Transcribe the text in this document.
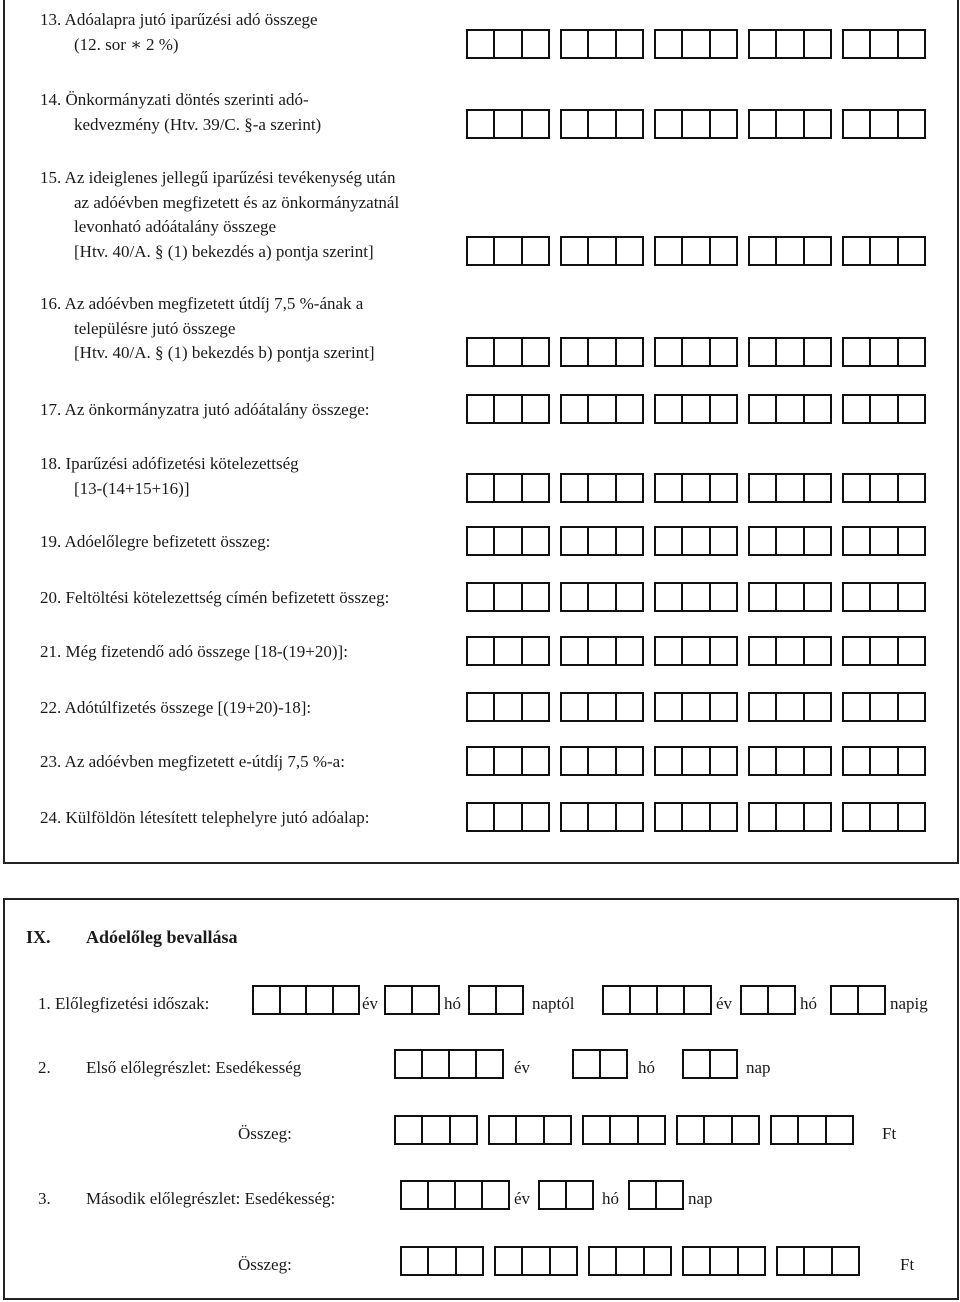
13. Adóalapra jutó iparűzési adó összege
(12. sor ∗ 2 %)
14. Önkormányzati döntés szerinti adó-
kedvezmény (Htv. 39/C. §-a szerint)
15. Az ideiglenes jellegű iparűzési tevékenység után
az adóévben megfizetett és az önkormányzatnál
levonható adóátalány összege
[Htv. 40/A. § (1) bekezdés a) pontja szerint]
16. Az adóévben megfizetett útdíj 7,5 %-ának a
településre jutó összege
[Htv. 40/A. § (1) bekezdés b) pontja szerint]
17. Az önkormányzatra jutó adóátalány összege:
18. Iparűzési adófizetési kötelezettség
[13-(14+15+16)]
19. Adóelőlegre befizetett összeg:
20. Feltöltési kötelezettség címén befizetett összeg:
21. Még fizetendő adó összege [18-(19+20)]:
22. Adótúlfizetés összege [(19+20)-18]:
23. Az adóévben megfizetett e-útdíj 7,5 %-a:
24. Külföldön létesített telephelyre jutó adóalap:
IX. Adóelőleg bevallása
1. Előlegfizetési időszak:	év	hó	naptól	év	hó	napig
2. Első előlegrészlet: Esedékesség	év	hó	nap
Összeg:	Ft
3. Második előlegrészlet: Esedékesség:	év	hó	nap
Összeg:	Ft
